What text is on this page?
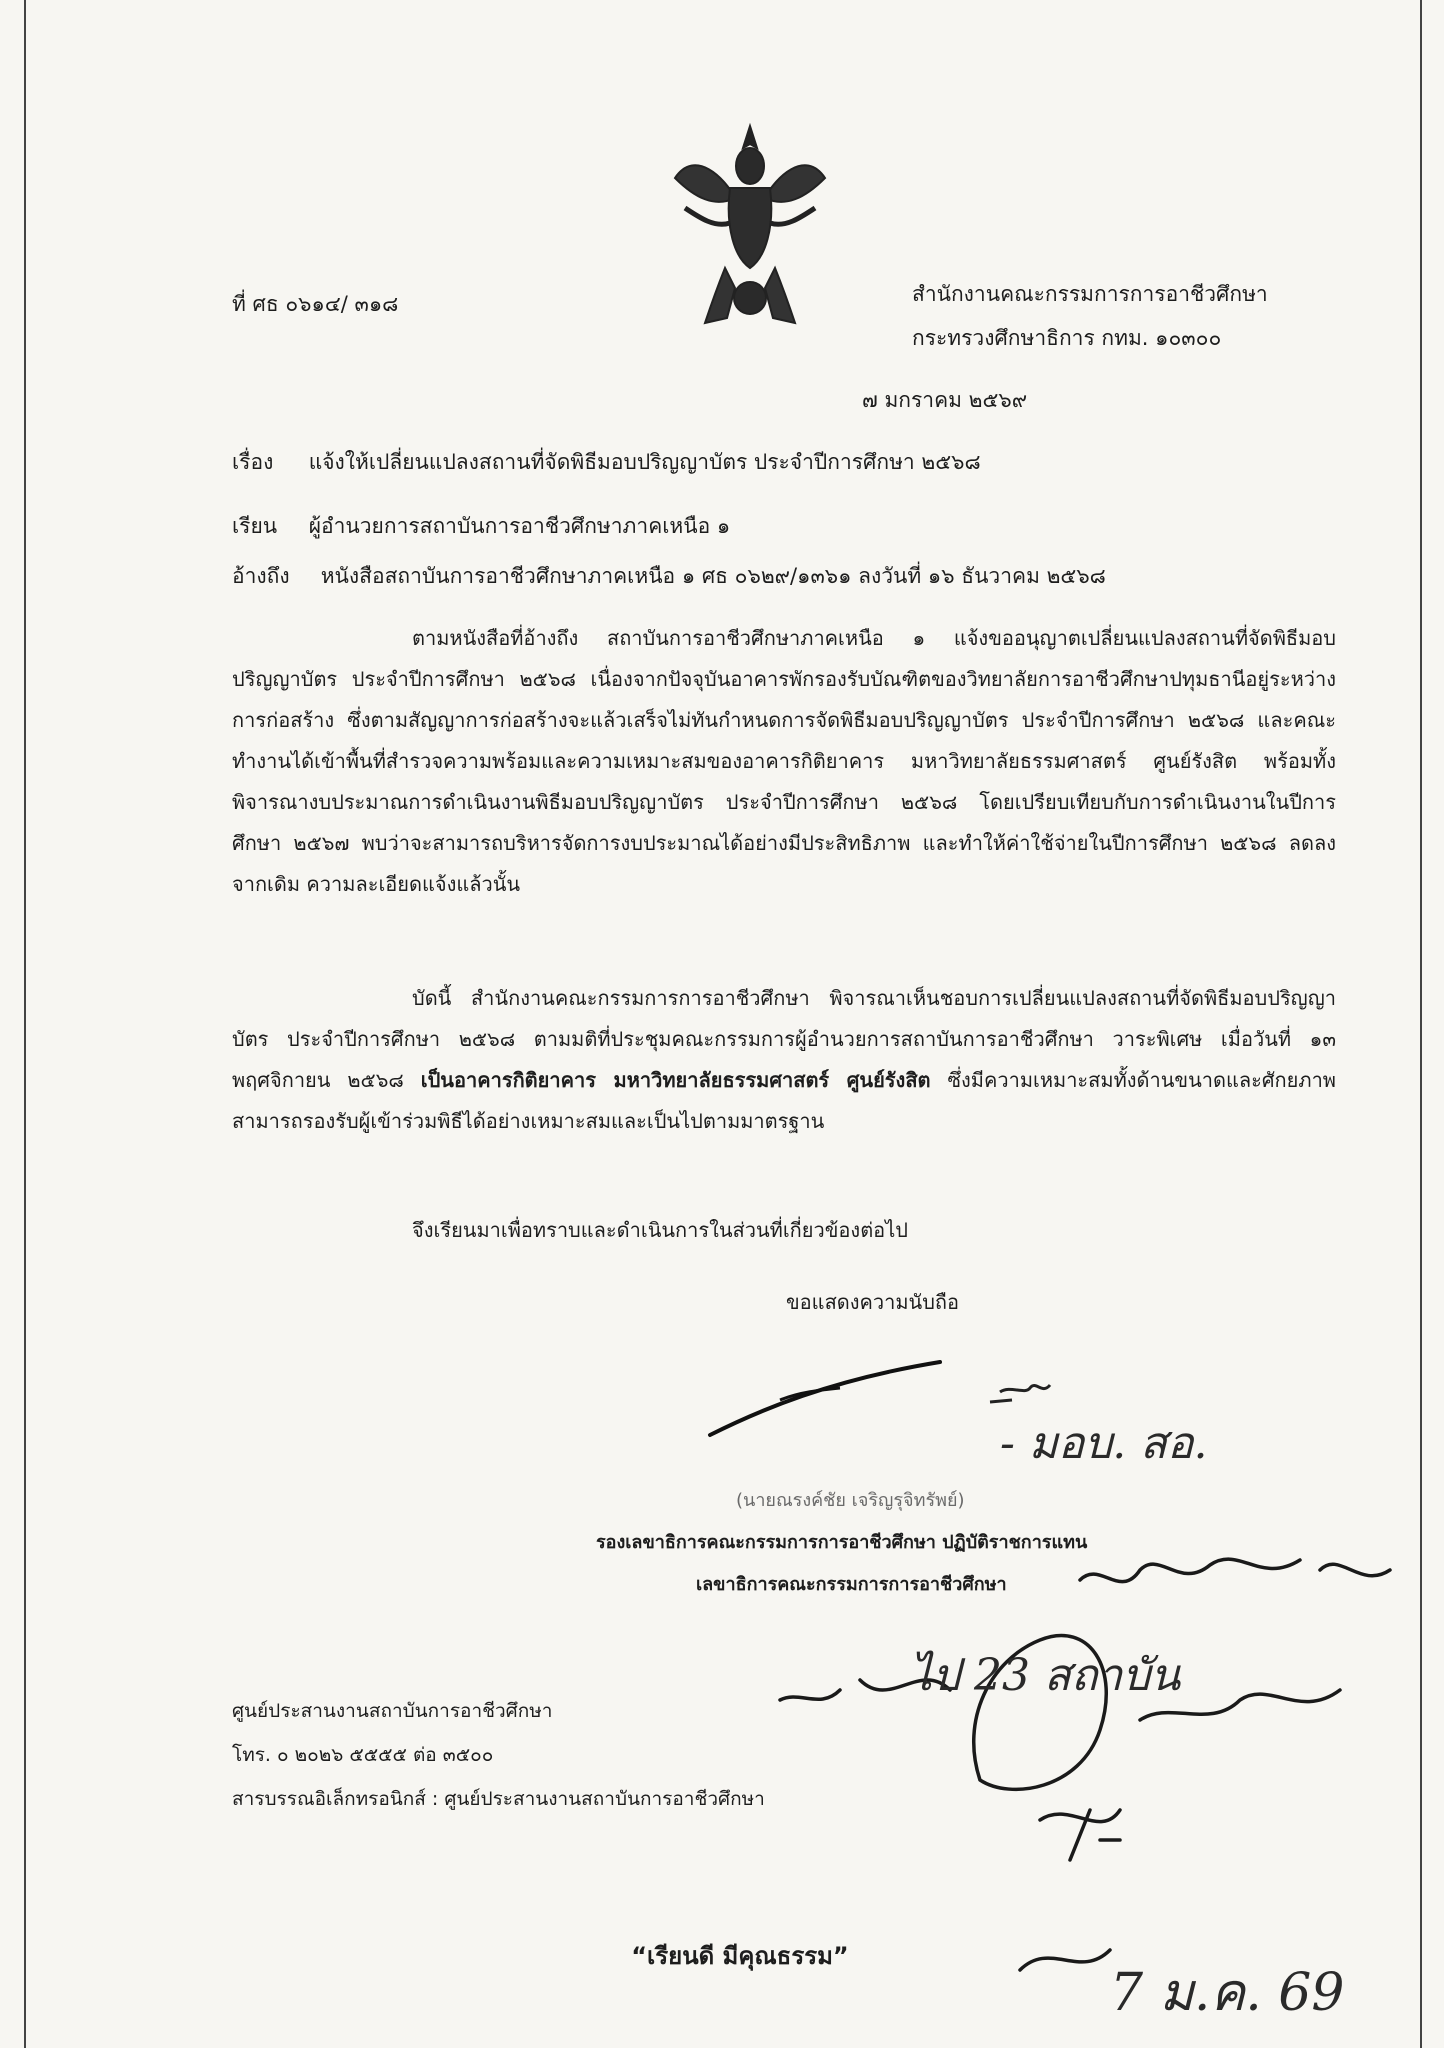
ที่ ศธ ๐๖๑๔/ ๓๑๘	สำนักงานคณะกรรมการการอาชีวศึกษา
กระทรวงศึกษาธิการ กทม. ๑๐๓๐๐
๗ มกราคม ๒๕๖๙
เรื่อง แจ้งให้เปลี่ยนแปลงสถานที่จัดพิธีมอบปริญญาบัตร ประจำปีการศึกษา ๒๕๖๘
เรียน ผู้อำนวยการสถาบันการอาชีวศึกษาภาคเหนือ ๑
อ้างถึง หนังสือสถาบันการอาชีวศึกษาภาคเหนือ ๑ ศธ ๐๖๒๙/๑๓๖๑ ลงวันที่ ๑๖ ธันวาคม ๒๕๖๘

ตามหนังสือที่อ้างถึง สถาบันการอาชีวศึกษาภาคเหนือ ๑ แจ้งขออนุญาตเปลี่ยนแปลงสถานที่จัดพิธีมอบปริญญาบัตร ประจำปีการศึกษา ๒๕๖๘ เนื่องจากปัจจุบันอาคารพักรองรับบัณฑิตของวิทยาลัยการอาชีวศึกษาปทุมธานีอยู่ระหว่างการก่อสร้าง ซึ่งตามสัญญาการก่อสร้างจะแล้วเสร็จไม่ทันกำหนดการจัดพิธีมอบปริญญาบัตร ประจำปีการศึกษา ๒๕๖๘ และคณะทำงานได้เข้าพื้นที่สำรวจความพร้อมและความเหมาะสมของอาคารกิติยาคาร มหาวิทยาลัยธรรมศาสตร์ ศูนย์รังสิต พร้อมทั้งพิจารณางบประมาณการดำเนินงานพิธีมอบปริญญาบัตร ประจำปีการศึกษา ๒๕๖๘ โดยเปรียบเทียบกับการดำเนินงานในปีการศึกษา ๒๕๖๗ พบว่าจะสามารถบริหารจัดการงบประมาณได้อย่างมีประสิทธิภาพ และทำให้ค่าใช้จ่ายในปีการศึกษา ๒๕๖๘ ลดลงจากเดิม ความละเอียดแจ้งแล้วนั้น

บัดนี้ สำนักงานคณะกรรมการการอาชีวศึกษา พิจารณาเห็นชอบการเปลี่ยนแปลงสถานที่จัดพิธีมอบปริญญาบัตร ประจำปีการศึกษา ๒๕๖๘ ตามมติที่ประชุมคณะกรรมการผู้อำนวยการสถาบันการอาชีวศึกษา วาระพิเศษ เมื่อวันที่ ๑๓ พฤศจิกายน ๒๕๖๘ เป็นอาคารกิติยาคาร มหาวิทยาลัยธรรมศาสตร์ ศูนย์รังสิต ซึ่งมีความเหมาะสมทั้งด้านขนาดและศักยภาพ สามารถรองรับผู้เข้าร่วมพิธีได้อย่างเหมาะสมและเป็นไปตามมาตรฐาน

จึงเรียนมาเพื่อทราบและดำเนินการในส่วนที่เกี่ยวข้องต่อไป
ขอแสดงความนับถือ
- มอบ. สอ.
(นายณรงค์ชัย เจริญรุจิทรัพย์)
รองเลขาธิการคณะกรรมการการอาชีวศึกษา ปฏิบัติราชการแทน
เลขาธิการคณะกรรมการการอาชีวศึกษา
ไป 23 สถาบัน
7 ม.ค. 69
ศูนย์ประสานงานสถาบันการอาชีวศึกษา
โทร. ๐ ๒๐๒๖ ๕๕๕๕ ต่อ ๓๕๐๐
สารบรรณอิเล็กทรอนิกส์ : ศูนย์ประสานงานสถาบันการอาชีวศึกษา
“เรียนดี มีคุณธรรม”
